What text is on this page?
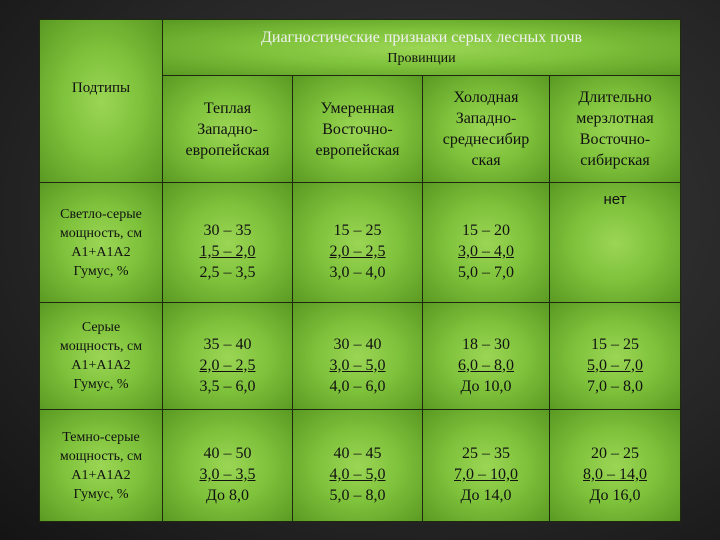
Подтипы	Диагностические признаки серых лесных почв
Провинции			

	Теплая
Западно-
европейская	Умеренная
Восточно-
европейская	Холодная
Западно-
среднесибир
ская	Длительно
мерзлотная
Восточно-
сибирская

Светло-серые
мощность, см
А1+А1А2
Гумус, %	30 – 35
1,5 – 2,0
2,5 – 3,5	15 – 25
2,0 – 2,5
3,0 – 4,0	15 – 20
3,0 – 4,0
5,0 – 7,0	нет

Серые
мощность, см
А1+А1А2
Гумус, %	35 – 40
2,0 – 2,5
3,5 – 6,0	30 – 40
3,0 – 5,0
4,0 – 6,0	18 – 30
6,0 – 8,0
До 10,0	15 – 25
5,0 – 7,0
7,0 – 8,0

Темно-серые
мощность, см
А1+А1А2
Гумус, %	40 – 50
3,0 – 3,5
До 8,0	40 – 45
4,0 – 5,0
5,0 – 8,0	25 – 35
7,0 – 10,0
До 14,0	20 – 25
8,0 – 14,0
До 16,0
